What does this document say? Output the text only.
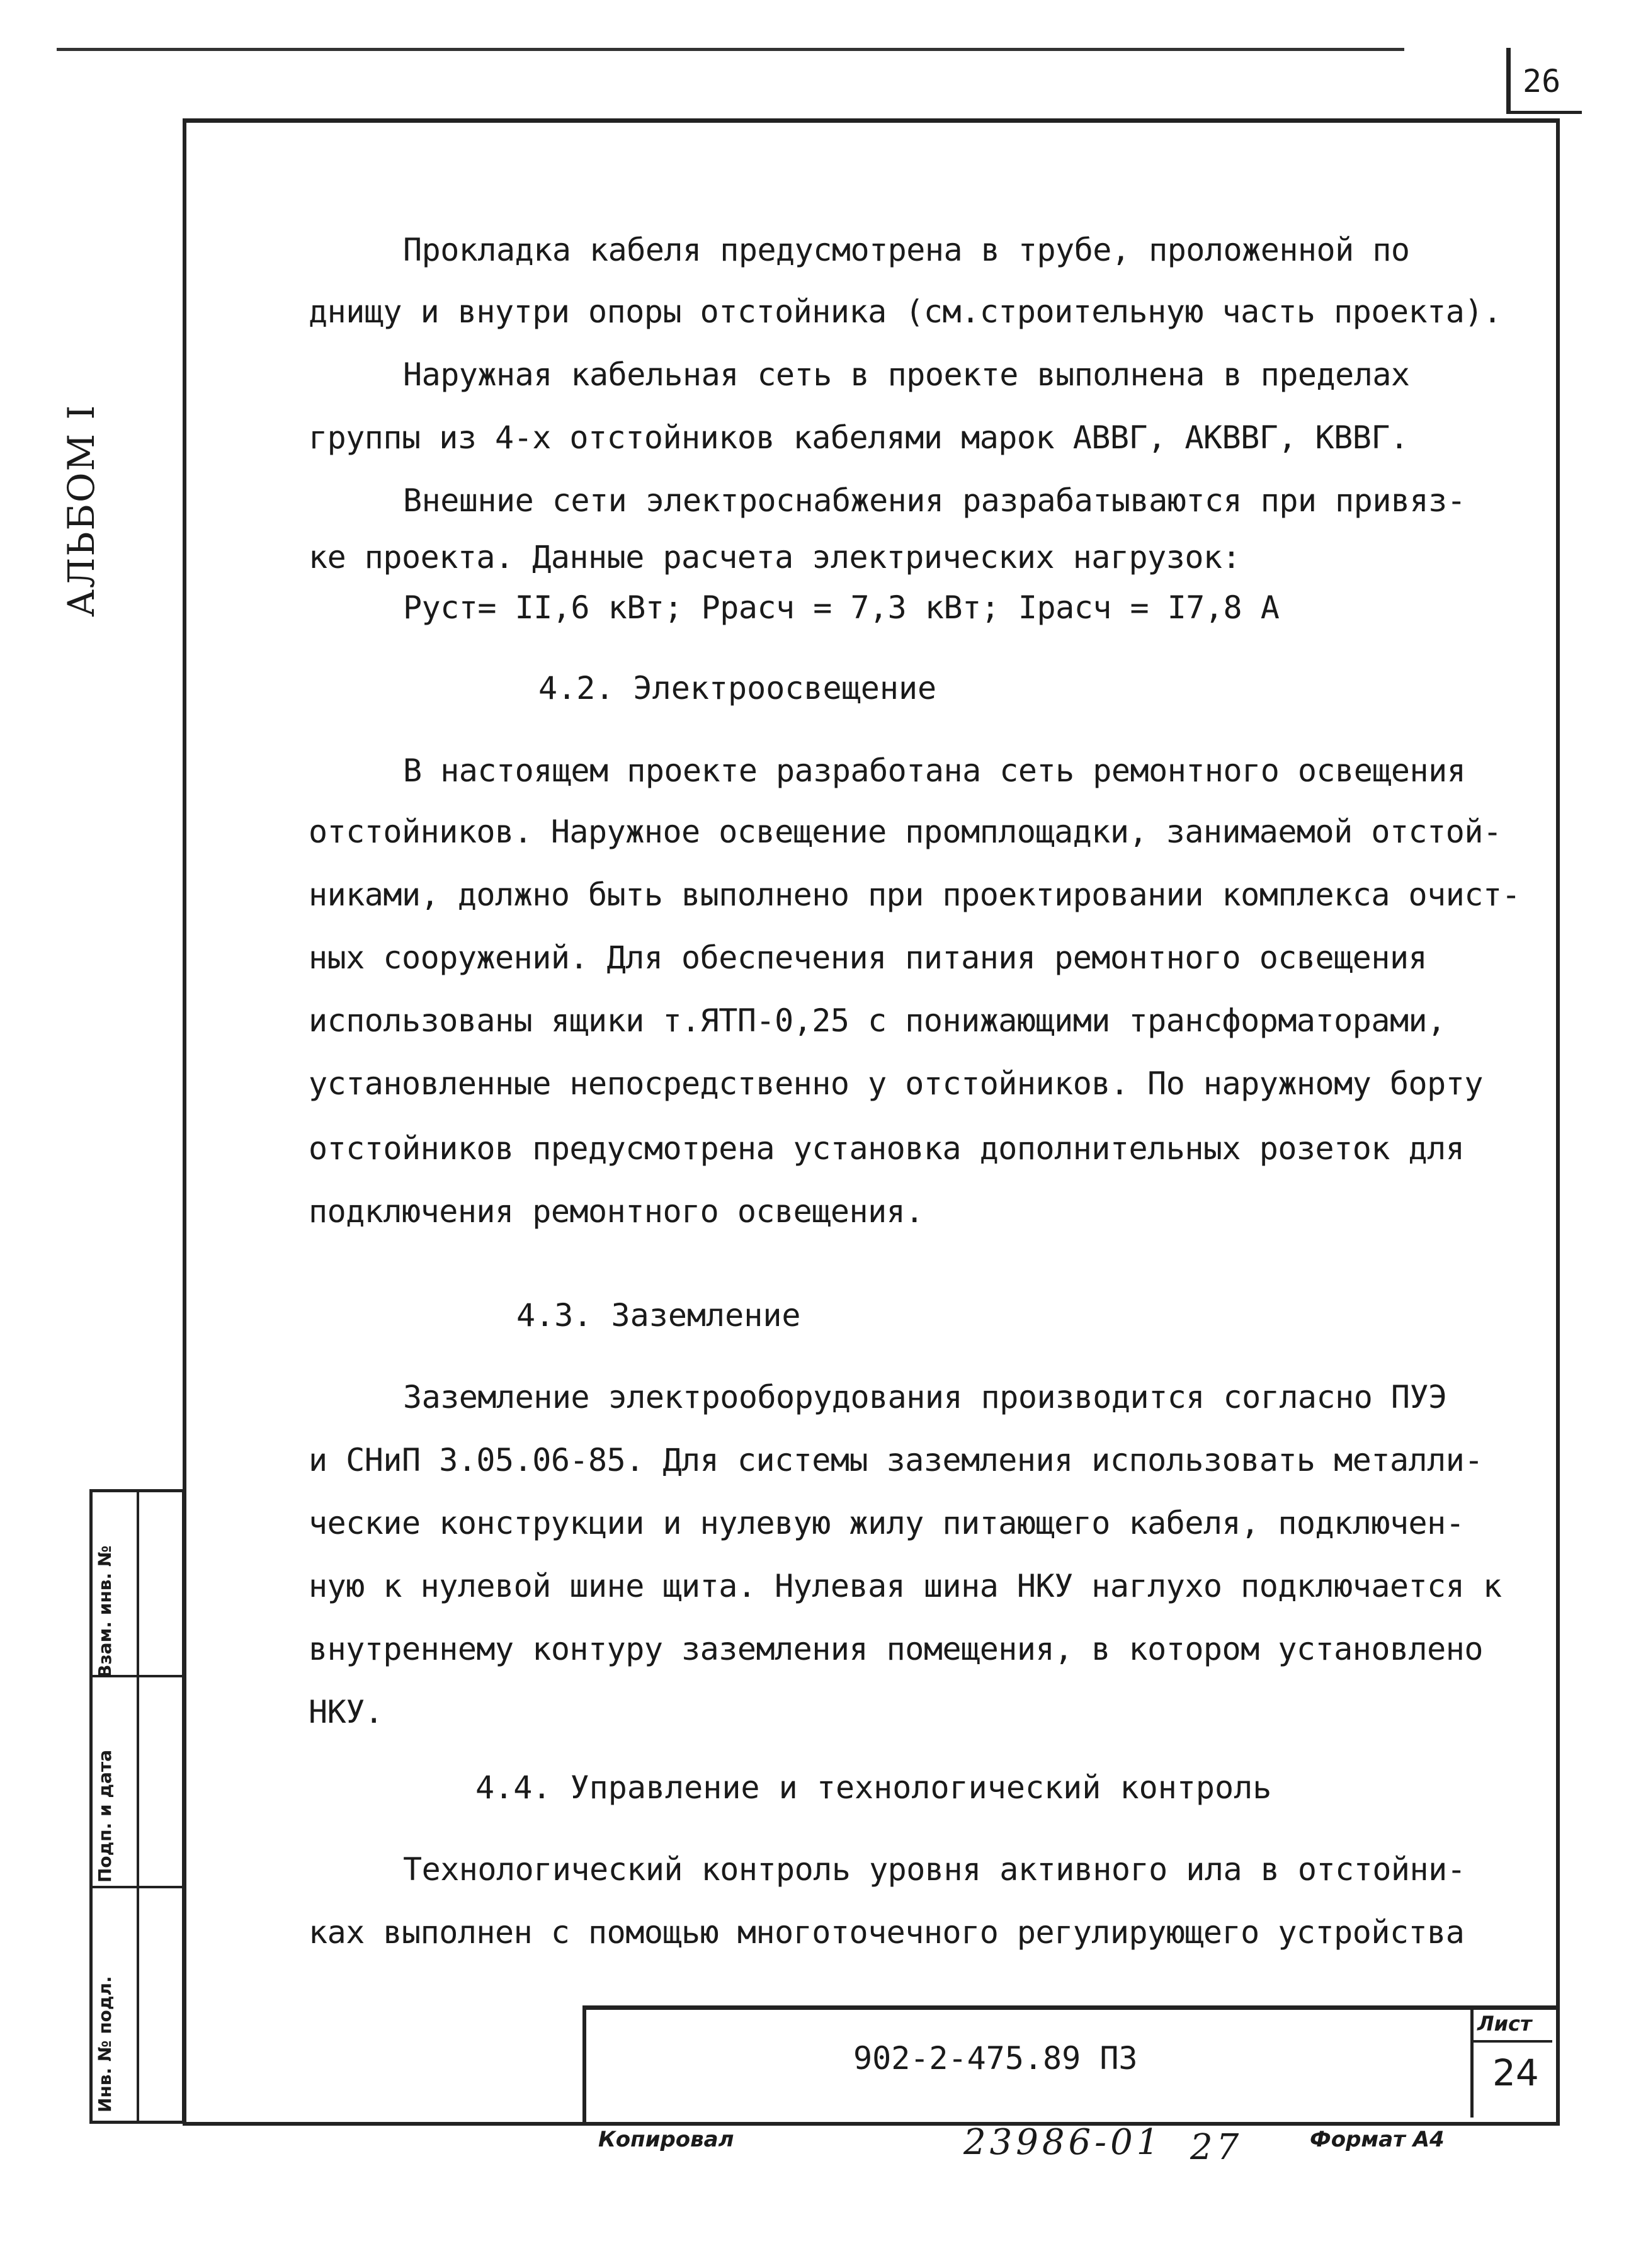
26
АЛЬБОМ I
Взам. инв. №
Подп. и дата
Инв. № подл.
Прокладка кабеля предусмотрена в трубе, проложенной по
днищу и внутри опоры отстойника (см.строительную часть проекта).
Наружная кабельная сеть в проекте выполнена в пределах
группы из 4-х отстойников кабелями марок АВВГ, АКВВГ, КВВГ.
Внешние сети электроснабжения разрабатываются при привяз-
ке проекта. Данные расчета электрических нагрузок:
Руст= II,6 кВт; Ррасч = 7,3 кВт; Iрасч = I7,8 А
4.2. Электроосвещение
В настоящем проекте разработана сеть ремонтного освещения
отстойников. Наружное освещение промплощадки, занимаемой отстой-
никами, должно быть выполнено при проектировании комплекса очист-
ных сооружений. Для обеспечения питания ремонтного освещения
использованы ящики т.ЯТП-0,25 с понижающими трансформаторами,
установленные непосредственно у отстойников. По наружному борту
отстойников предусмотрена установка дополнительных розеток для
подключения ремонтного освещения.
4.3. Заземление
Заземление электрооборудования производится согласно ПУЭ
и СНиП 3.05.06-85. Для системы заземления использовать металли-
ческие конструкции и нулевую жилу питающего кабеля, подключен-
ную к нулевой шине щита. Нулевая шина НКУ наглухо подключается к
внутреннему контуру заземления помещения, в котором установлено
НКУ.
4.4. Управление и технологический контроль
Технологический контроль уровня активного ила в отстойни-
ках выполнен с помощью многоточечного регулирующего устройства
902-2-475.89 ПЗ
Лист
24
Копировал	23986-01 27	Формат А4
